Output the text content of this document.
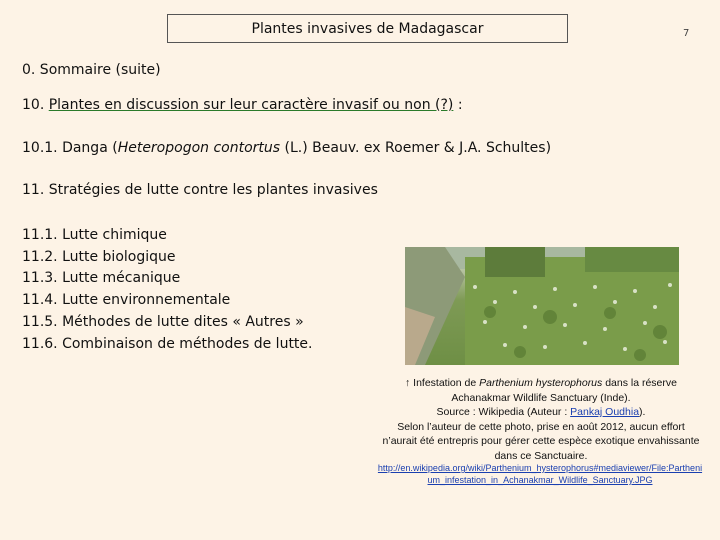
Plantes invasives de Madagascar	7
0. Sommaire (suite)
10. Plantes en discussion sur leur caractère invasif ou non (?) :
10.1. Danga (Heteropogon contortus (L.) Beauv. ex Roemer & J.A. Schultes)
11. Stratégies de lutte contre les plantes invasives
11.1. Lutte chimique
11.2. Lutte biologique
11.3. Lutte mécanique
11.4. Lutte environnementale
11.5. Méthodes de lutte dites « Autres »
11.6. Combinaison de méthodes de lutte.
↑ Infestation de Parthenium hysterophorus dans la réserve Achanakmar Wildlife Sanctuary (Inde).
Source : Wikipedia (Auteur : Pankaj Oudhia).
Selon l’auteur de cette photo, prise en août 2012, aucun effort n’aurait été entrepris pour gérer cette espèce exotique envahissante dans ce Sanctuaire.
http://en.wikipedia.org/wiki/Parthenium_hysterophorus#mediaviewer/File:Parthenium_infestation_in_Achanakmar_Wildlife_Sanctuary.JPG
